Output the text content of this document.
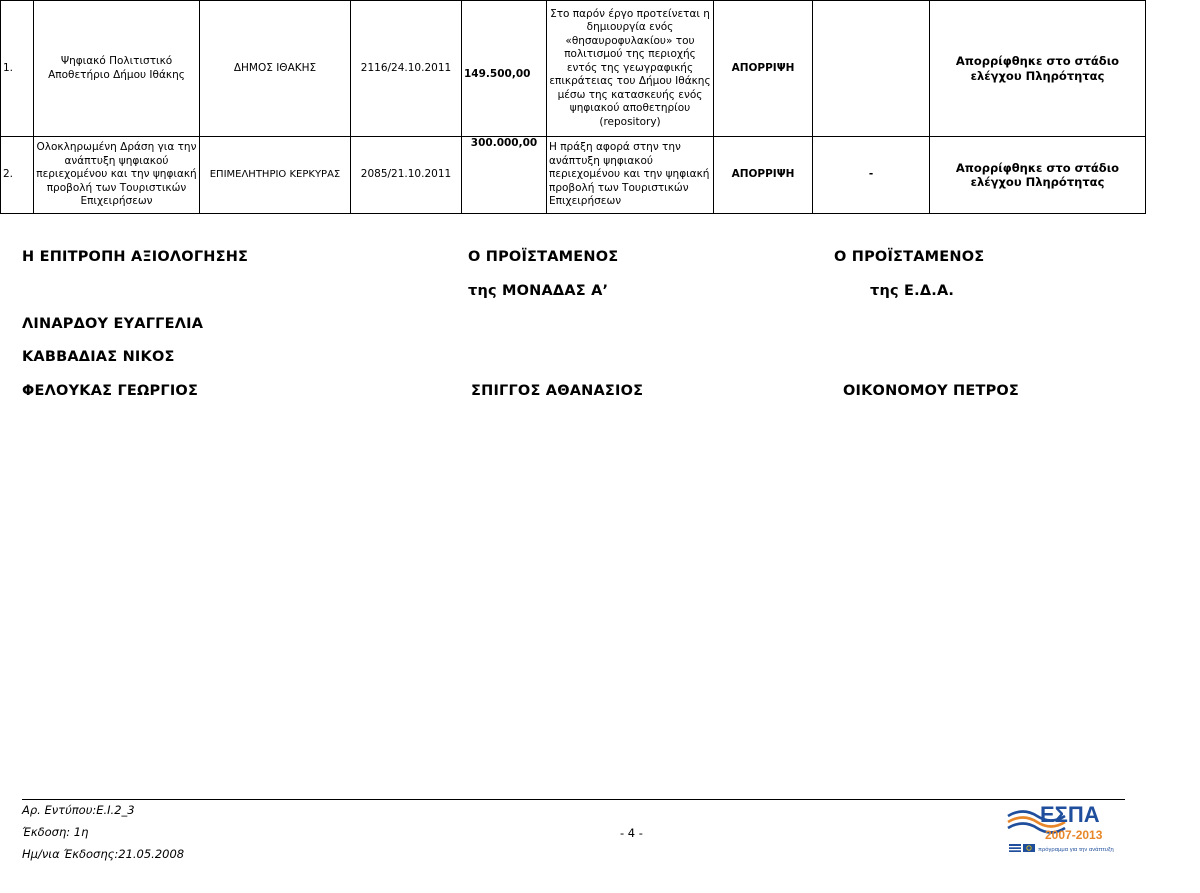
1.	Ψηφιακό Πολιτιστικό Αποθετήριο Δήμου Ιθάκης	ΔΗΜΟΣ ΙΘΑΚΗΣ	2116/24.10.2011	149.500,00	Στο παρόν έργο προτείνεται η δημιουργία ενός «θησαυροφυλακίου» του πολιτισμού της περιοχής εντός της γεωγραφικής επικράτειας του Δήμου Ιθάκης μέσω της κατασκευής ενός ψηφιακού αποθετηρίου (repository)	ΑΠΟΡΡΙΨΗ		Απορρίφθηκε στο στάδιο ελέγχου Πληρότητας
2.	Ολοκληρωμένη Δράση για την ανάπτυξη ψηφιακού περιεχομένου και την ψηφιακή προβολή των Τουριστικών Επιχειρήσεων	ΕΠΙΜΕΛΗΤΗΡΙΟ ΚΕΡΚΥΡΑΣ	2085/21.10.2011	300.000,00	Η πράξη αφορά στην την ανάπτυξη ψηφιακού περιεχομένου και την ψηφιακή προβολή των Τουριστικών Επιχειρήσεων	ΑΠΟΡΡΙΨΗ	-	Απορρίφθηκε στο στάδιο ελέγχου Πληρότητας
Η ΕΠΙΤΡΟΠΗ ΑΞΙΟΛΟΓΗΣΗΣ	Ο ΠΡΟΪΣΤΑΜΕΝΟΣ	Ο ΠΡΟΪΣΤΑΜΕΝΟΣ
της ΜΟΝΑΔΑΣ Α’	της Ε.Δ.Α.
ΛΙΝΑΡΔΟΥ ΕΥΑΓΓΕΛΙΑ
ΚΑΒΒΑΔΙΑΣ ΝΙΚΟΣ
ΦΕΛΟΥΚΑΣ ΓΕΩΡΓΙΟΣ	ΣΠΙΓΓΟΣ ΑΘΑΝΑΣΙΟΣ	ΟΙΚΟΝΟΜΟΥ ΠΕΤΡΟΣ
Αρ. Εντύπου:Ε.Ι.2_3
Έκδοση: 1η
Ημ/νια Έκδοσης:21.05.2008
- 4 -
ΕΣΠΑ
2007-2013
πρόγραμμα για την ανάπτυξη
